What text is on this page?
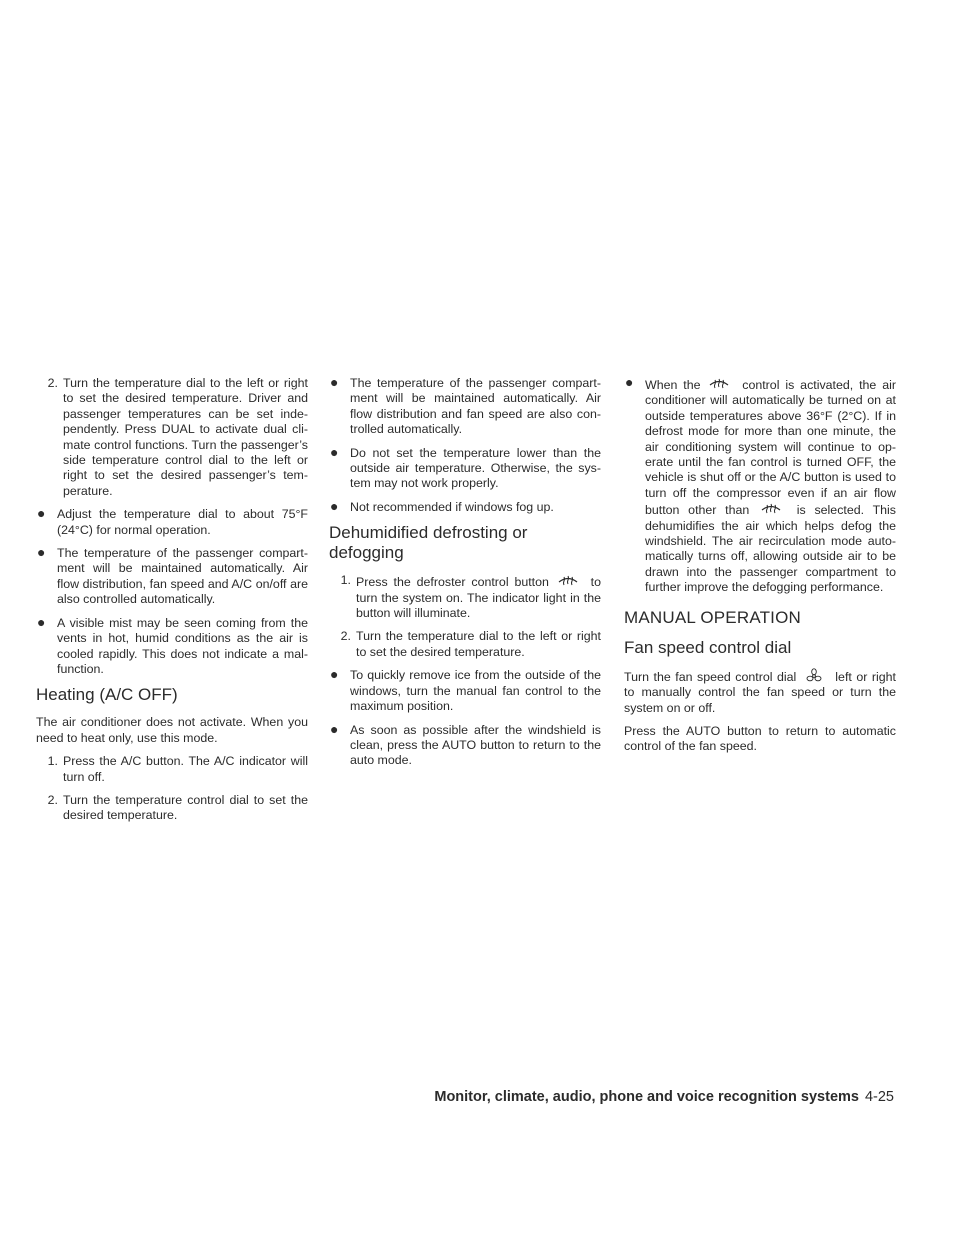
2. Turn the temperature dial to the left or right to set the desired temperature. Driver and passenger temperatures can be set inde- pendently. Press DUAL to activate dual cli- mate control functions. Turn the passenger’s side temperature control dial to the left or right to set the desired passenger’s tem- perature.
● Adjust the temperature dial to about 75°F (24°C) for normal operation.
● The temperature of the passenger compart- ment will be maintained automatically. Air flow distribution, fan speed and A/C on/off are also controlled automatically.
● A visible mist may be seen coming from the vents in hot, humid conditions as the air is cooled rapidly. This does not indicate a mal- function.
Heating (A/C OFF)
The air conditioner does not activate. When you need to heat only, use this mode.
1. Press the A/C button. The A/C indicator will turn off.
2. Turn the temperature control dial to set the desired temperature.
● The temperature of the passenger compart- ment will be maintained automatically. Air flow distribution and fan speed are also con- trolled automatically.
● Do not set the temperature lower than the outside air temperature. Otherwise, the sys- tem may not work properly.
● Not recommended if windows fog up.
Dehumidified defrosting or defogging
1. Press the defroster control button	to turn the system on. The indicator light in the button will illuminate.
2. Turn the temperature dial to the left or right to set the desired temperature.
● To quickly remove ice from the outside of the windows, turn the manual fan control to the maximum position.
● As soon as possible after the windshield is clean, press the AUTO button to return to the auto mode.
● When the	control is activated, the air conditioner will automatically be turned on at outside temperatures above 36°F (2°C). If in defrost mode for more than one minute, the air conditioning system will continue to op- erate until the fan control is turned OFF, the vehicle is shut off or the A/C button is used to turn off the compressor even if an air flow button other than	is selected. This dehumidifies the air which helps defog the windshield. The air recirculation mode auto- matically turns off, allowing outside air to be drawn into the passenger compartment to further improve the defogging performance.
MANUAL OPERATION
Fan speed control dial
Turn the fan speed control dial	left or right to manually control the fan speed or turn the system on or off.
Press the AUTO button to return to automatic control of the fan speed.
Monitor, climate, audio, phone and voice recognition systems 4-25
